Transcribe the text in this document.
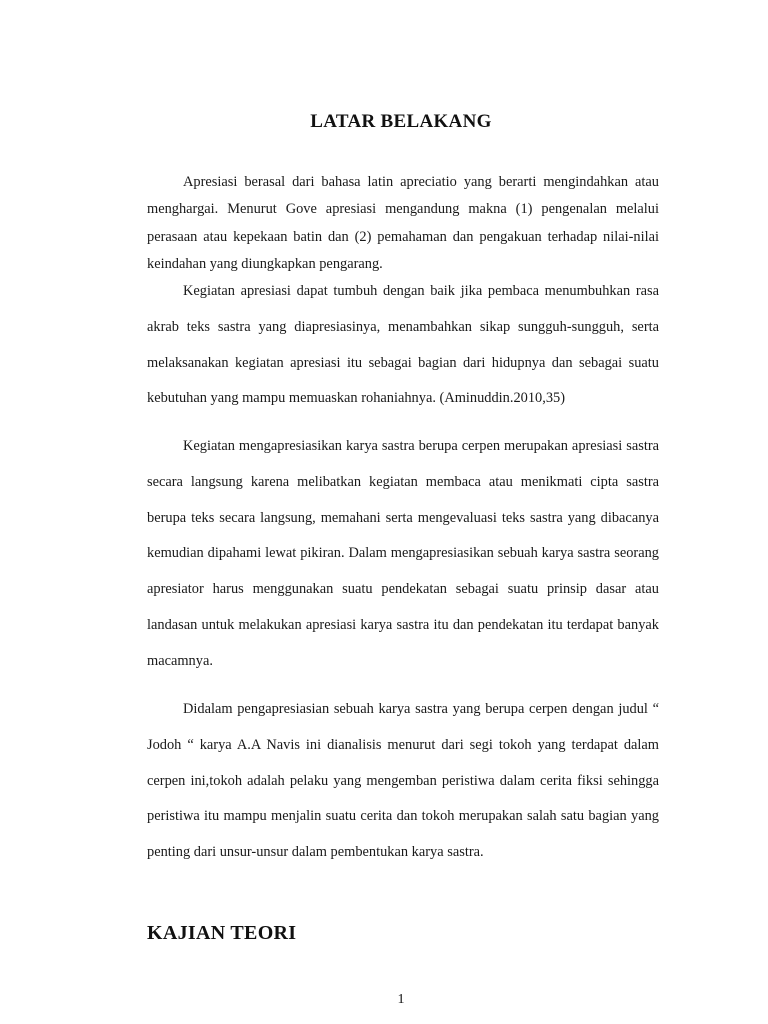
LATAR BELAKANG

Apresiasi berasal dari bahasa latin apreciatio yang berarti mengindahkan atau menghargai. Menurut Gove apresiasi mengandung makna (1) pengenalan melalui perasaan atau kepekaan batin dan (2) pemahaman dan pengakuan terhadap nilai-nilai keindahan yang diungkapkan pengarang.

Kegiatan apresiasi dapat tumbuh dengan baik jika pembaca menumbuhkan rasa akrab teks sastra yang diapresiasinya, menambahkan sikap sungguh-sungguh, serta melaksanakan kegiatan apresiasi itu sebagai bagian dari hidupnya dan sebagai suatu kebutuhan yang mampu memuaskan rohaniahnya. (Aminuddin.2010,35)

Kegiatan mengapresiasikan karya sastra berupa cerpen merupakan apresiasi sastra secara langsung karena melibatkan kegiatan membaca atau menikmati cipta sastra berupa teks secara langsung, memahani serta mengevaluasi teks sastra yang dibacanya kemudian dipahami lewat pikiran. Dalam mengapresiasikan sebuah karya sastra seorang apresiator harus menggunakan suatu pendekatan sebagai suatu prinsip dasar atau landasan untuk melakukan apresiasi karya sastra itu dan pendekatan itu terdapat banyak macamnya.

Didalam pengapresiasian sebuah karya sastra yang berupa cerpen dengan judul “ Jodoh “ karya A.A Navis ini dianalisis menurut dari segi tokoh yang terdapat dalam cerpen ini,tokoh adalah pelaku yang mengemban peristiwa dalam cerita fiksi sehingga peristiwa itu mampu menjalin suatu cerita dan tokoh merupakan salah satu bagian yang penting dari unsur-unsur dalam pembentukan karya sastra.

KAJIAN TEORI
1
